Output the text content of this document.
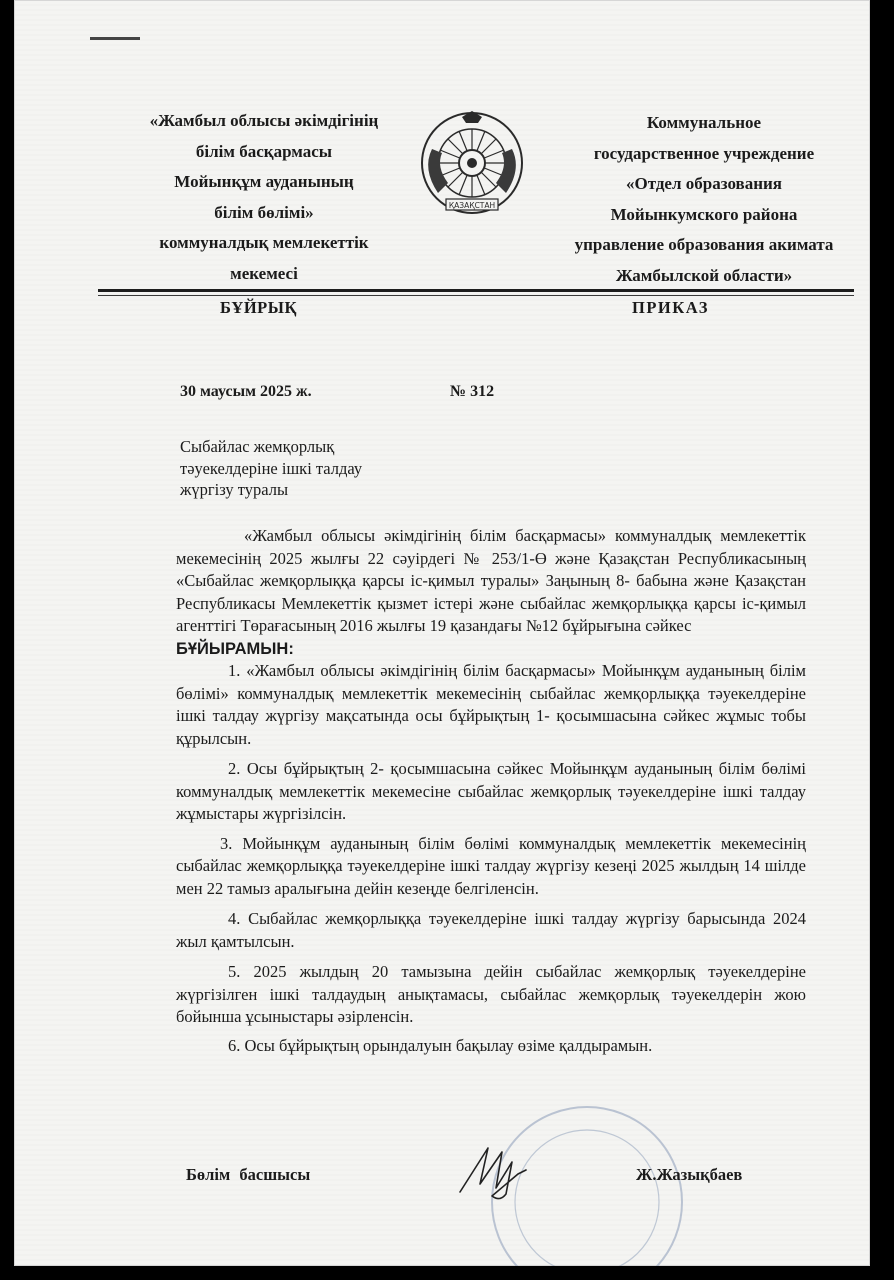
«Жамбыл облысы әкімдігінің
білім басқармасы
Мойынқұм ауданының
білім бөлімі»
коммуналдық мемлекеттік
мекемесі
ҚАЗАҚСТАН
Коммунальное
государственное учреждение
«Отдел образования
Мойынкумского района
управление образования акимата
Жамбылской области»
БҰЙРЫҚ	ПРИКАЗ
30 маусым 2025 ж.	№ 312
Сыбайлас жемқорлық
тәуекелдеріне ішкі талдау
жүргізу туралы

«Жамбыл облысы әкімдігінің білім басқармасы» коммуналдық мемлекеттік мекемесінің 2025 жылғы 22 сәуірдегі № 253/1-Ө және Қазақстан Республикасының «Сыбайлас жемқорлыққа қарсы іс-қимыл туралы» Заңының 8- бабына және Қазақстан Республикасы Мемлекеттік қызмет істері және сыбайлас жемқорлыққа қарсы іс-қимыл агенттігі Төрағасының 2016 жылғы 19 қазандағы №12 бұйрығына сәйкес

БҰЙЫРАМЫН:

1. «Жамбыл облысы әкімдігінің білім басқармасы» Мойынқұм ауданының білім бөлімі» коммуналдық мемлекеттік мекемесінің сыбайлас жемқорлыққа тәуекелдеріне ішкі талдау жүргізу мақсатында осы бұйрықтың 1- қосымшасына сәйкес жұмыс тобы құрылсын.

2. Осы бұйрықтың 2- қосымшасына сәйкес Мойынқұм ауданының білім бөлімі коммуналдық мемлекеттік мекемесіне сыбайлас жемқорлық тәуекелдеріне ішкі талдау жұмыстары жүргізілсін.

3. Мойынқұм ауданының білім бөлімі коммуналдық мемлекеттік мекемесінің сыбайлас жемқорлыққа тәуекелдеріне ішкі талдау жүргізу кезеңі 2025 жылдың 14 шілде мен 22 тамыз аралығына дейін кезеңде белгіленсін.

4. Сыбайлас жемқорлыққа тәуекелдеріне ішкі талдау жүргізу барысында 2024 жыл қамтылсын.

5. 2025 жылдың 20 тамызына дейін сыбайлас жемқорлық тәуекелдеріне жүргізілген ішкі талдаудың анықтамасы, сыбайлас жемқорлық тәуекелдерін жою бойынша ұсыныстары әзірленсін.

6. Осы бұйрықтың орындалуын бақылау өзіме қалдырамын.

Бөлім басшысы	Ж.Жазықбаев
